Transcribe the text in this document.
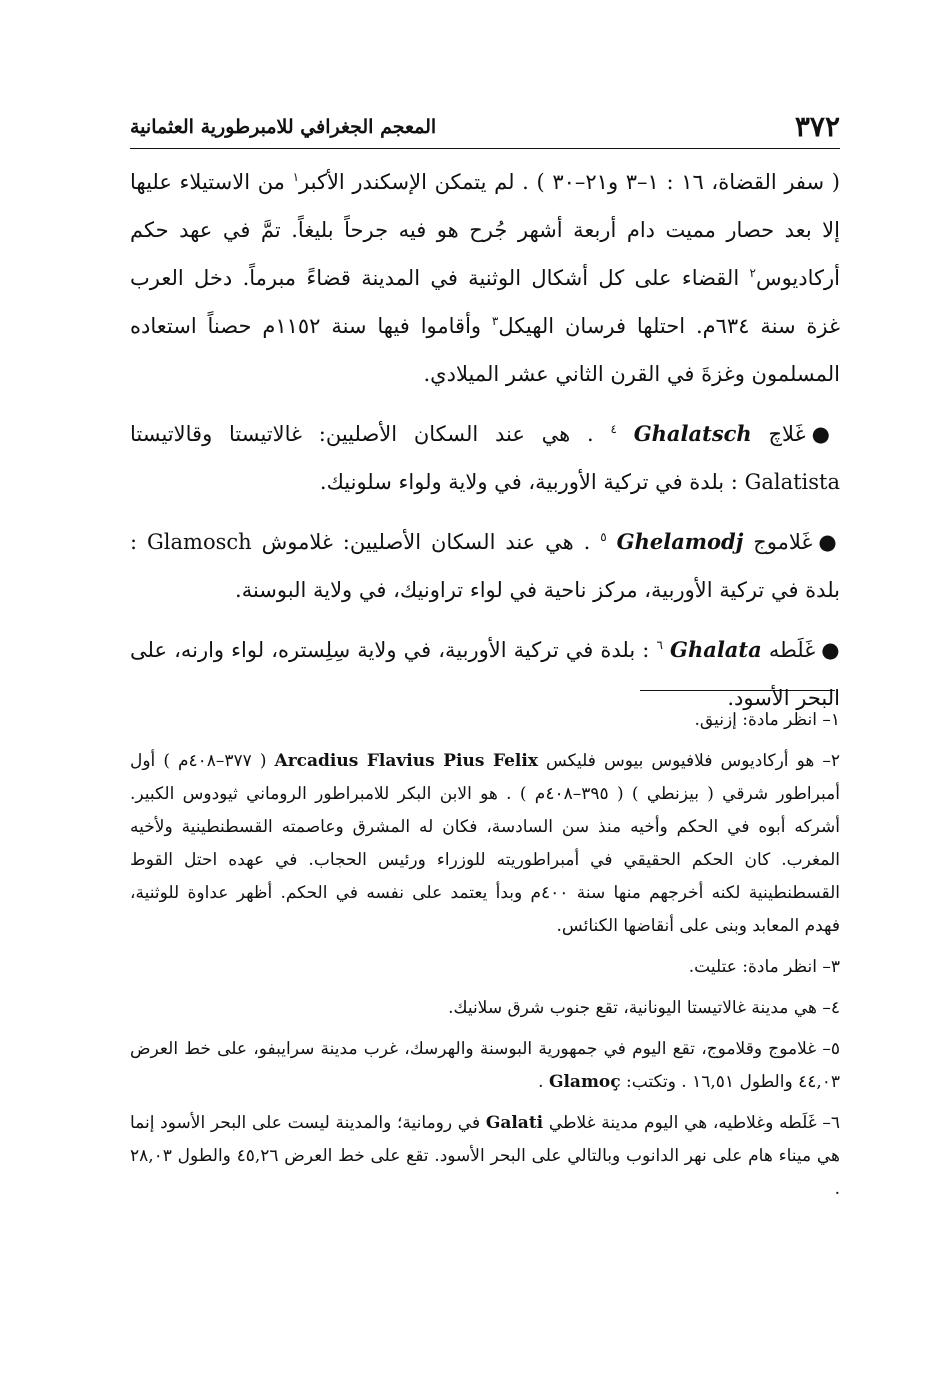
٣٧٢
المعجم الجغرافي للامبرطورية العثمانية

( سفر القضاة، ١٦ : ١–٣ و٢١–٣٠ ) . لم يتمكن الإسكندر الأكبر$^١$ من الاستيلاء عليها إلا بعد حصار مميت دام أربعة أشهر جُرح هو فيه جرحاً بليغاً. تمَّ في عهد حكم أركاديوس$^٢$ القضاء على كل أشكال الوثنية في المدينة قضاءً مبرماً. دخل العرب غزة سنة ٦٣٤م. احتلها فرسان الهيكل$^٣$ وأقاموا فيها سنة ١١٥٢م حصناً استعاده المسلمون وغزةَ في القرن الثاني عشر الميلادي.

●غَلاچ Ghalatsch $^٤$ . هي عند السكان الأصليين: غالاتيستا وقالاتيستا Galatista : بلدة في تركية الأوربية، في ولاية ولواء سلونيك.

●غَلاموج Ghelamodj $^٥$ . هي عند السكان الأصليين: غلاموش Glamosch : بلدة في تركية الأوربية، مركز ناحية في لواء تراونيك، في ولاية البوسنة.

●غَلَطه Ghalata $^٦$ : بلدة في تركية الأوربية، في ولاية سِلِستره، لواء وارنه، على البحر الأسود.

١– انظر مادة: إزنيق.

٢– هو أركاديوس فلافيوس بيوس فليكس Arcadius Flavius Pius Felix ( ٣٧٧–٤٠٨م ) أول أمبراطور شرقي ( بيزنطي ) ( ٣٩٥–٤٠٨م ) . هو الابن البكر للامبراطور الروماني ثيودوس الكبير. أشركه أبوه في الحكم وأخيه منذ سن السادسة، فكان له المشرق وعاصمته القسطنطينية ولأخيه المغرب. كان الحكم الحقيقي في أمبراطوريته للوزراء ورئيس الحجاب. في عهده احتل القوط القسطنطينية لكنه أخرجهم منها سنة ٤٠٠م وبدأ يعتمد على نفسه في الحكم. أظهر عداوة للوثنية، فهدم المعابد وبنى على أنقاضها الكنائس.

٣– انظر مادة: عتليت.

٤– هي مدينة غالاتيستا اليونانية، تقع جنوب شرق سلانيك.

٥– غلاموج وقلاموج، تقع اليوم في جمهورية البوسنة والهرسك، غرب مدينة سرايبفو، على خط العرض ٤٤,٠٣ والطول ١٦,٥١ . وتكتب: Glamoç .

٦– غَلَطه وغلاطيه، هي اليوم مدينة غلاطي Galati في رومانية؛ والمدينة ليست على البحر الأسود إنما هي ميناء هام على نهر الدانوب وبالتالي على البحر الأسود. تقع على خط العرض ٤٥,٢٦ والطول ٢٨,٠٣ .
